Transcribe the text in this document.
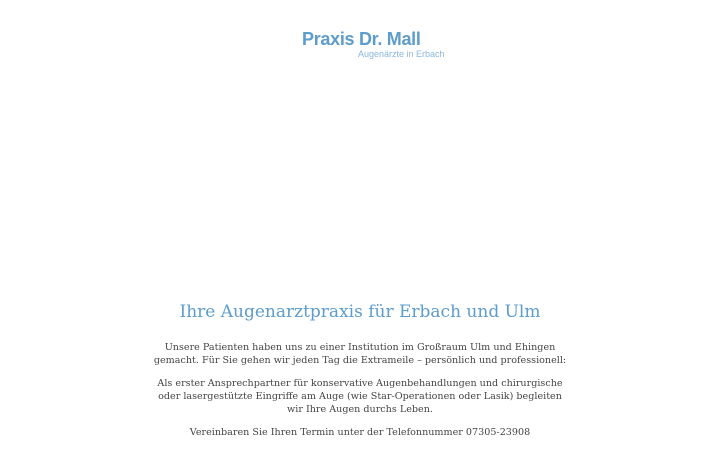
Praxis Dr. Mall
Augenärzte in Erbach
Ihre Augenarztpraxis für Erbach und Ulm

Unsere Patienten haben uns zu einer Institution im Großraum Ulm und Ehingen gemacht. Für Sie gehen wir jeden Tag die Extrameile – persönlich und professionell:

Als erster Ansprechpartner für konservative Augenbehandlungen und chirurgische oder lasergestützte Eingriffe am Auge (wie Star-Operationen oder Lasik) begleiten wir Ihre Augen durchs Leben.

Vereinbaren Sie Ihren Termin unter der Telefonnummer 07305-23908
